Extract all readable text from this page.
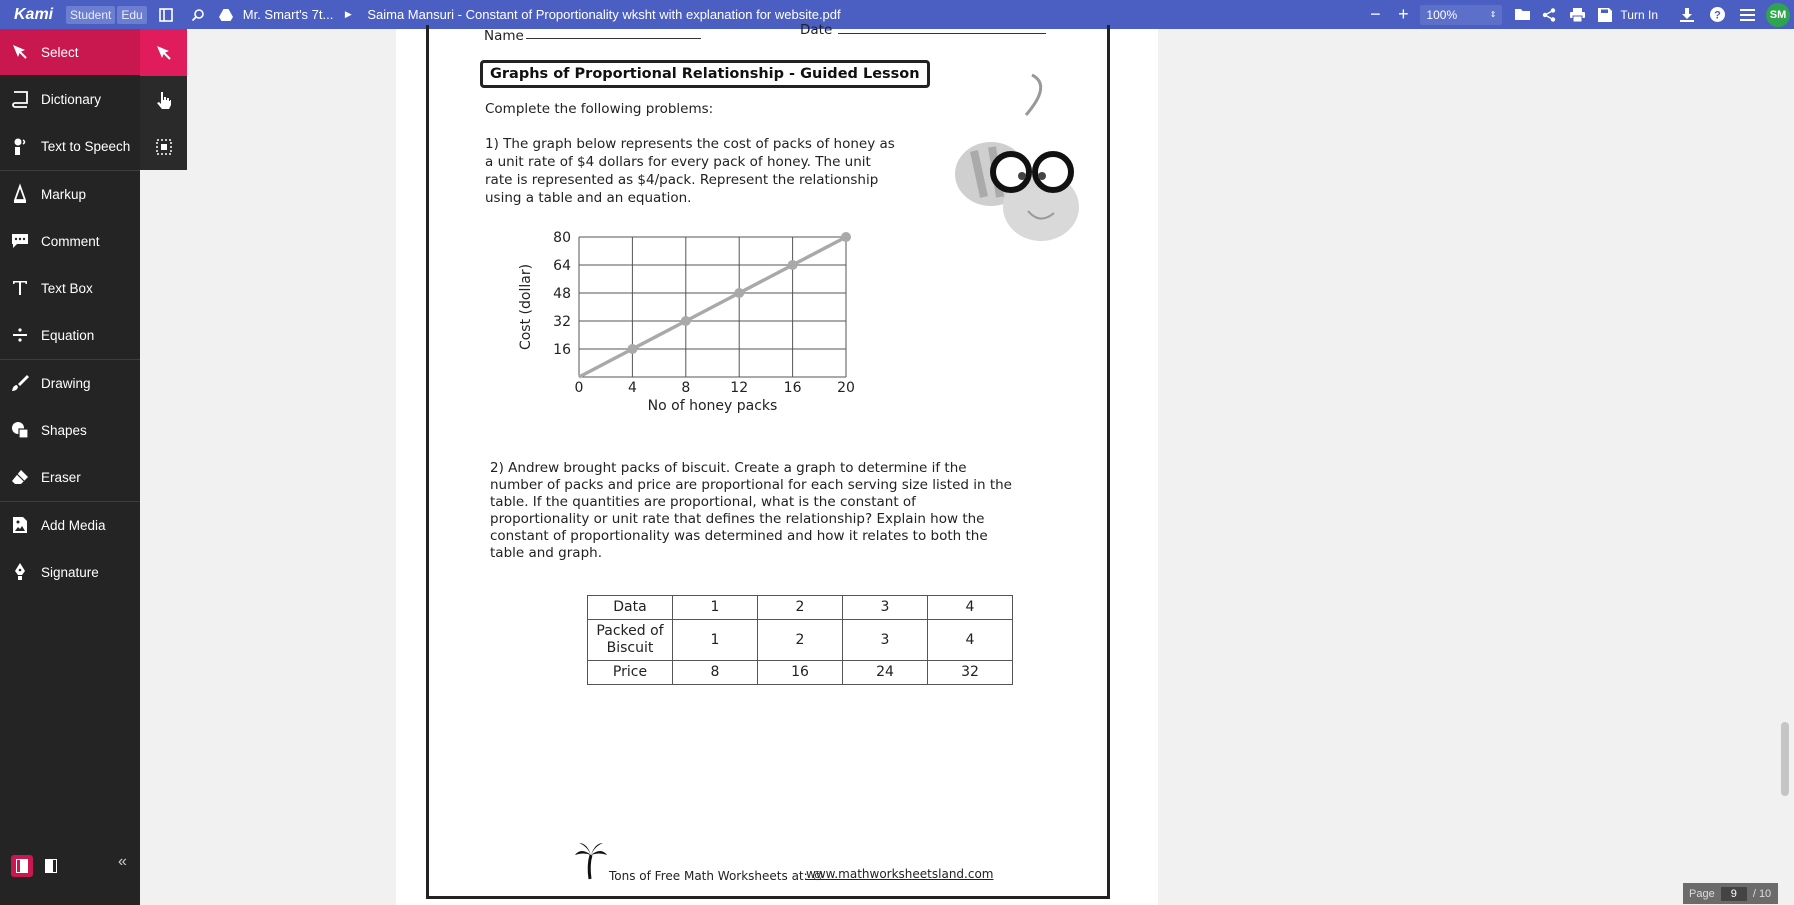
Kami	Student Edu	Mr. Smart's 7t...	▶	Saima Mansuri - Constant of Proportionality wksht with explanation for website.pdf	− +	100%	⇕	Turn In	?	SM
Select
Dictionary
Text to Speech
Markup
Comment
Text Box
Equation
Drawing
Shapes
Eraser
Add Media
Signature
«
Name	Date
Graphs of Proportional Relationship - Guided Lesson
Complete the following problems:
1) The graph below represents the cost of packs of honey as
a unit rate of $4 dollars for every pack of honey. The unit
rate is represented as $4/pack. Represent the relationship
using a table and an equation.
0	4	8	12	16	20
16
32
48
64
80
No of honey packs
Cost (dollar)
2) Andrew brought packs of biscuit. Create a graph to determine if the
number of packs and price are proportional for each serving size listed in the
table. If the quantities are proportional, what is the constant of
proportionality or unit rate that defines the relationship? Explain how the
constant of proportionality was determined and how it relates to both the
table and graph.
Data	1	2	3	4
Packed of Biscuit	1	2	3	4
Price	8	16	24	32
Tons of Free Math Worksheets at: ©
www.mathworksheetsland.com
Page	9	/ 10
